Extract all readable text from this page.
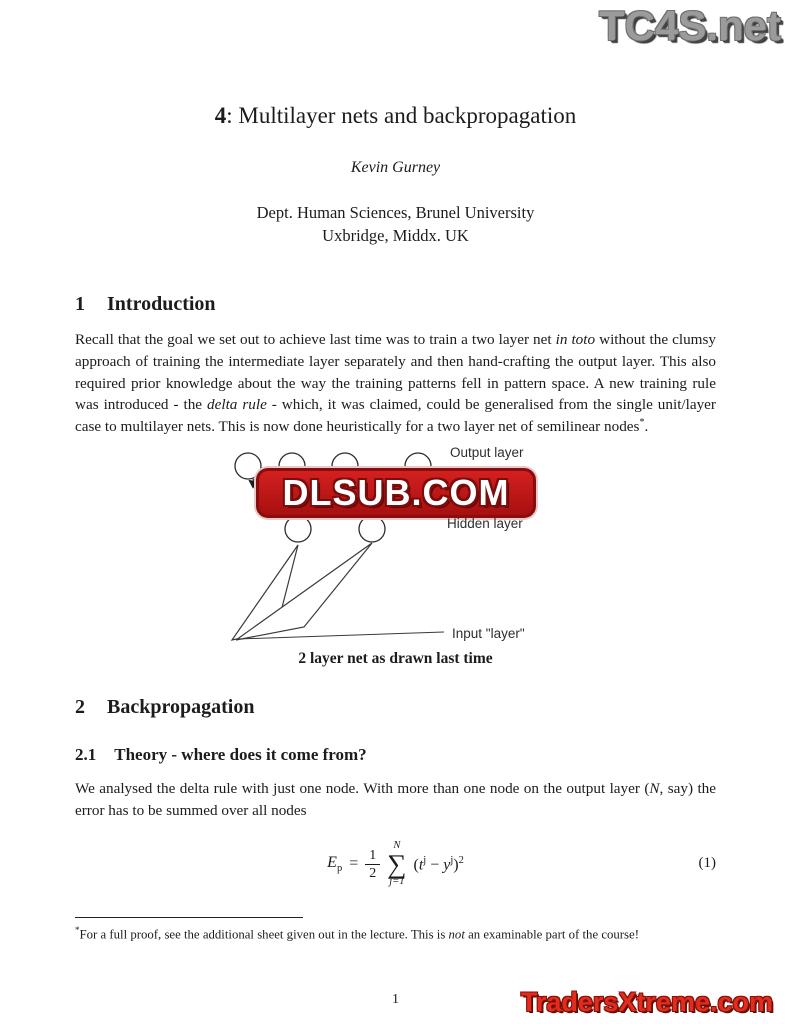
TC4S.net
4: Multilayer nets and backpropagation
Kevin Gurney
Dept. Human Sciences, Brunel University
Uxbridge, Middx. UK
1 Introduction

Recall that the goal we set out to achieve last time was to train a two layer net in toto without the clumsy approach of training the intermediate layer separately and then hand-crafting the output layer. This also required prior knowledge about the way the training patterns fell in pattern space. A new training rule was introduced - the delta rule - which, it was claimed, could be generalised from the single unit/layer case to multilayer nets. This is now done heuristically for a two layer net of semilinear nodes*.

DLSUB.COM
Output layer
Hidden layer
Input "layer"
2 layer net as drawn last time
2 Backpropagation
2.1 Theory - where does it come from?

We analysed the delta rule with just one node. With more than one node on the output layer (N, say) the error has to be summed over all nodes

$E_p = \frac{1}{2}$
N
∑
j=1
$(t^j - y^j)^2$	(1)

*For a full proof, see the additional sheet given out in the lecture. This is not an examinable part of the course!

1	TradersXtreme.com
